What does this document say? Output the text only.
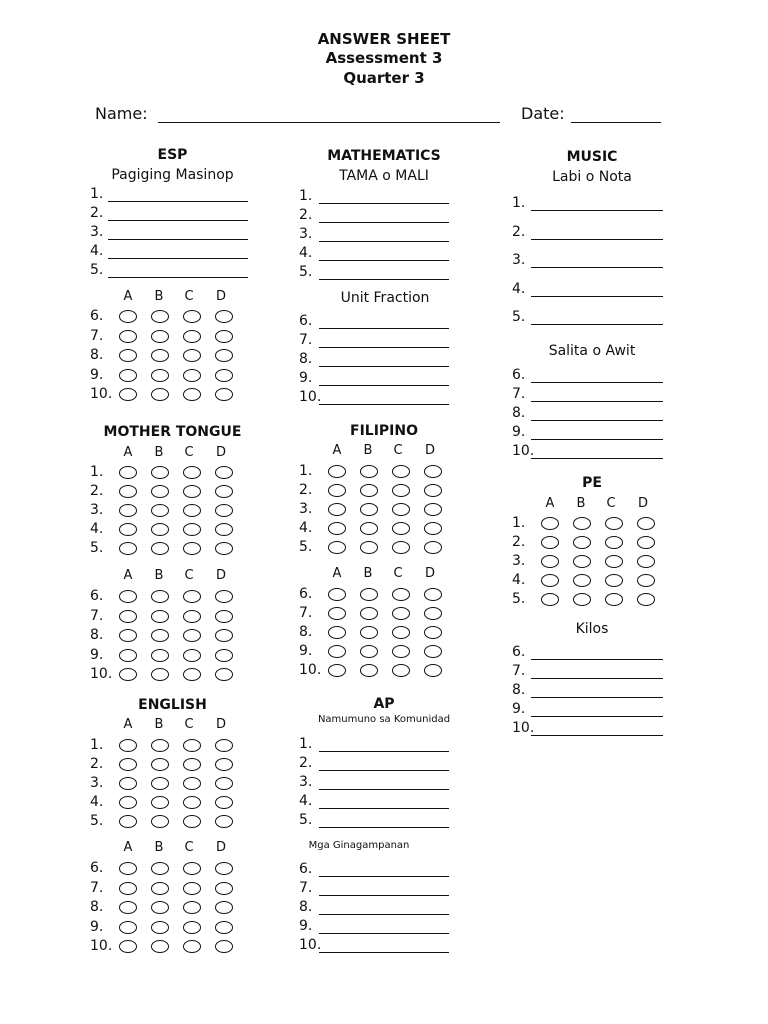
ANSWER SHEET
Assessment 3
Quarter 3
Name:	Date:
ESP
Pagiging Masinop
1.
2.
3.
4.
5.
A	B	C	D
6.
7.
8.
9.
10.
MATHEMATICS
TAMA o MALI
1.
2.
3.
4.
5.
Unit Fraction
6.
7.
8.
9.
10.
MUSIC
Labi o Nota
1.
2.
3.
4.
5.
Salita o Awit
6.
7.
8.
9.
10.
MOTHER TONGUE
A	B	C	D
1.
2.
3.
4.
5.
A	B	C	D
6.
7.
8.
9.
10.
FILIPINO
A	B	C	D
1.
2.
3.
4.
5.
A	B	C	D
6.
7.
8.
9.
10.
PE
A	B	C	D
1.
2.
3.
4.
5.
Kilos
6.
7.
8.
9.
10.
ENGLISH
A	B	C	D
1.
2.
3.
4.
5.
A	B	C	D
6.
7.
8.
9.
10.
AP
Namumuno sa Komunidad
1.
2.
3.
4.
5.
Mga Ginagampanan
6.
7.
8.
9.
10.
